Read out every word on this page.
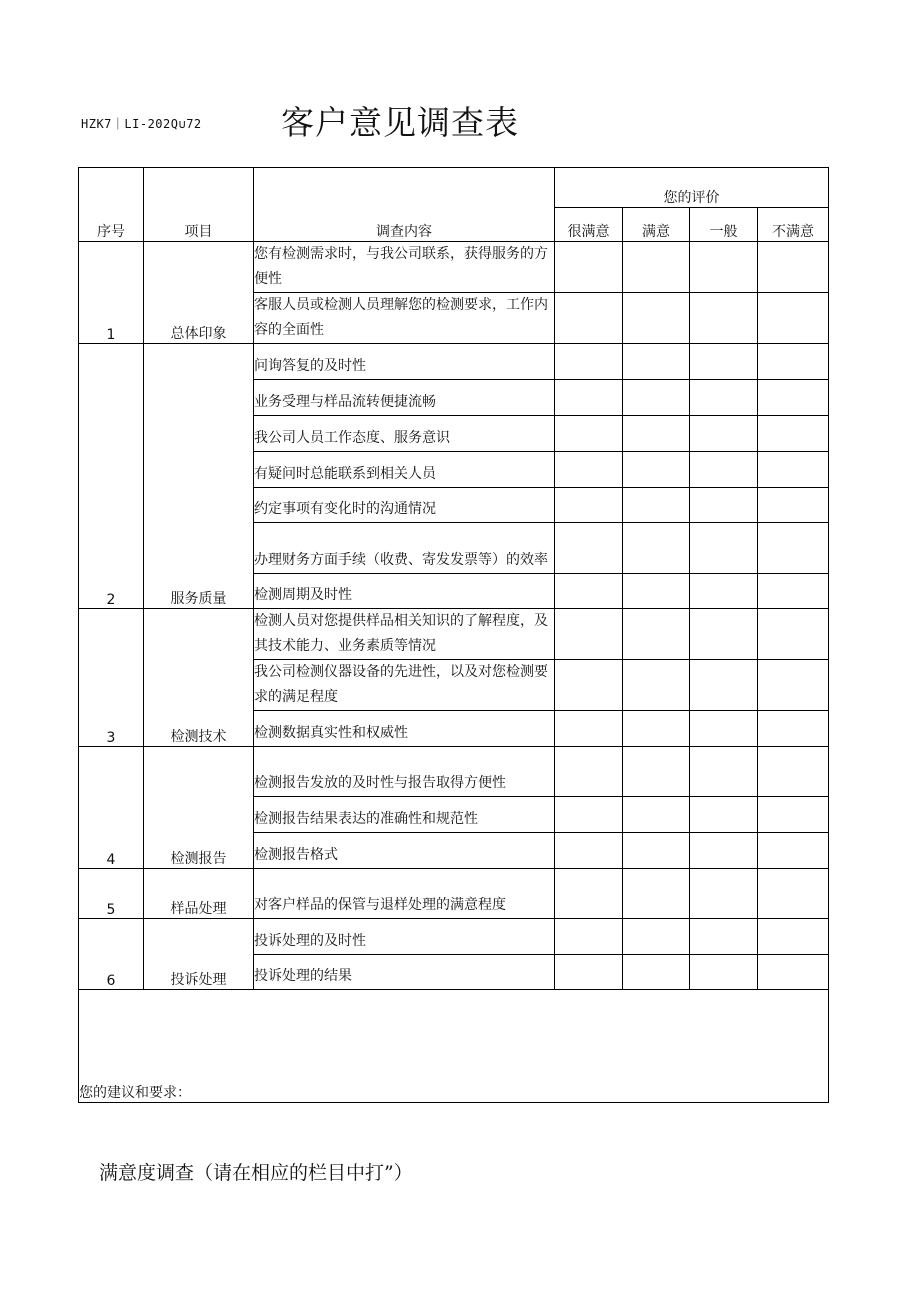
HZK7｜LI-202Q∪72 客户意见调查表
序号	项目	调查内容	您的评价			
			很满意	满意	一般	不满意
1	总体印象	您有检测需求时，与我公司联系，获得服务的方便性				
		客服人员或检测人员理解您的检测要求，工作内容的全面性				
2	服务质量	问询答复的及时性				
		业务受理与样品流转便捷流畅				
		我公司人员工作态度、服务意识				
		有疑问时总能联系到相关人员				
		约定事项有变化时的沟通情况				
		办理财务方面手续（收费、寄发发票等）的效率				
		检测周期及时性				
3	检测技术	检测人员对您提供样品相关知识的了解程度，及其技术能力、业务素质等情况				
		我公司检测仪器设备的先进性，以及对您检测要求的满足程度				
		检测数据真实性和权威性				
4	检测报告	检测报告发放的及时性与报告取得方便性				
		检测报告结果表达的准确性和规范性				
		检测报告格式				
5	样品处理	对客户样品的保管与退样处理的满意程度				
6	投诉处理	投诉处理的及时性				
		投诉处理的结果				
您的建议和要求：						
满意度调查（请在相应的栏目中打”）
